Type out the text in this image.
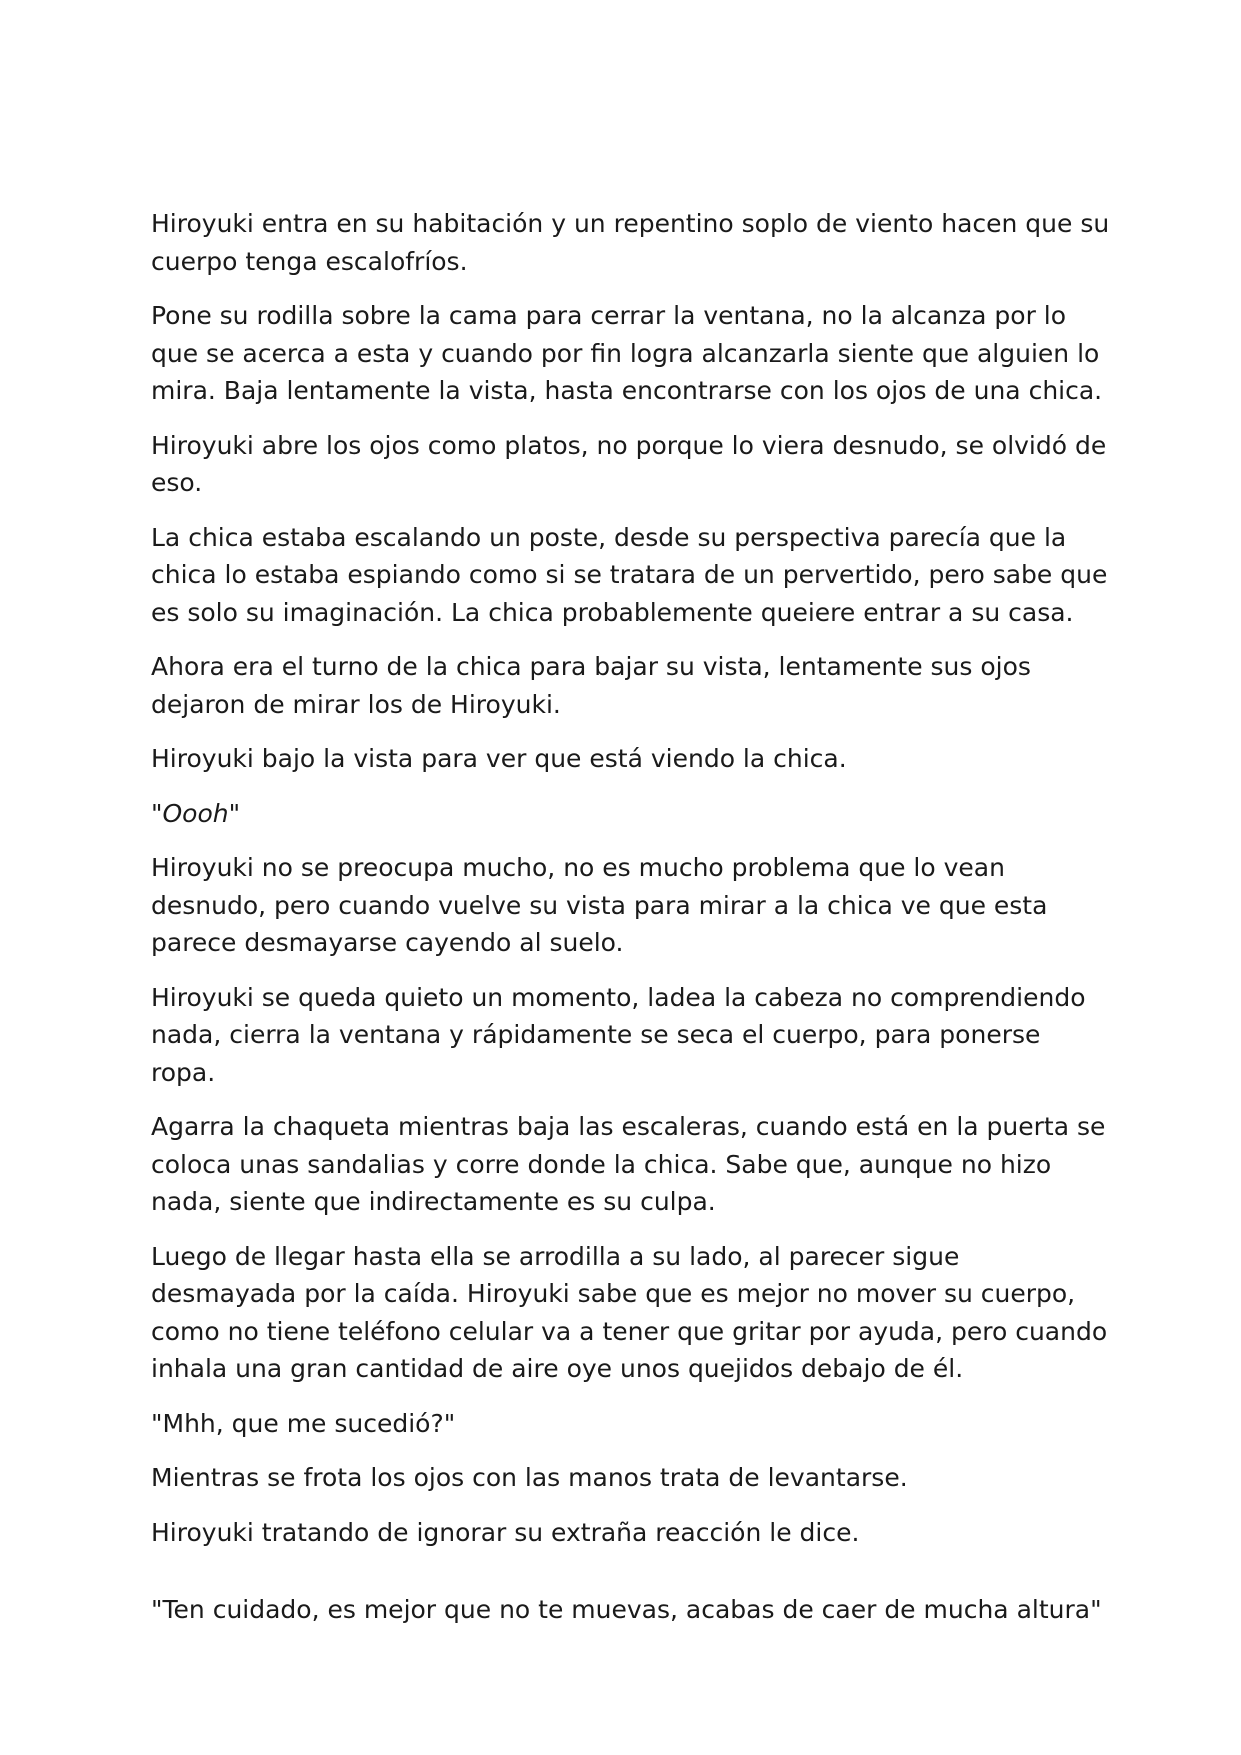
Hiroyuki entra en su habitación y un repentino soplo de viento hacen que su cuerpo tenga escalofríos.

Pone su rodilla sobre la cama para cerrar la ventana, no la alcanza por lo que se acerca a esta y cuando por fin logra alcanzarla siente que alguien lo mira. Baja lentamente la vista, hasta encontrarse con los ojos de una chica.

Hiroyuki abre los ojos como platos, no porque lo viera desnudo, se olvidó de eso.

La chica estaba escalando un poste, desde su perspectiva parecía que la chica lo estaba espiando como si se tratara de un pervertido, pero sabe que es solo su imaginación. La chica probablemente queiere entrar a su casa.

Ahora era el turno de la chica para bajar su vista, lentamente sus ojos dejaron de mirar los de Hiroyuki.

Hiroyuki bajo la vista para ver que está viendo la chica.

"Oooh"

Hiroyuki no se preocupa mucho, no es mucho problema que lo vean desnudo, pero cuando vuelve su vista para mirar a la chica ve que esta parece desmayarse cayendo al suelo.

Hiroyuki se queda quieto un momento, ladea la cabeza no comprendiendo nada, cierra la ventana y rápidamente se seca el cuerpo, para ponerse ropa.

Agarra la chaqueta mientras baja las escaleras, cuando está en la puerta se coloca unas sandalias y corre donde la chica. Sabe que, aunque no hizo nada, siente que indirectamente es su culpa.

Luego de llegar hasta ella se arrodilla a su lado, al parecer sigue desmayada por la caída. Hiroyuki sabe que es mejor no mover su cuerpo, como no tiene teléfono celular va a tener que gritar por ayuda, pero cuando inhala una gran cantidad de aire oye unos quejidos debajo de él.

"Mhh, que me sucedió?"

Mientras se frota los ojos con las manos trata de levantarse.

Hiroyuki tratando de ignorar su extraña reacción le dice.

"Ten cuidado, es mejor que no te muevas, acabas de caer de mucha altura"
